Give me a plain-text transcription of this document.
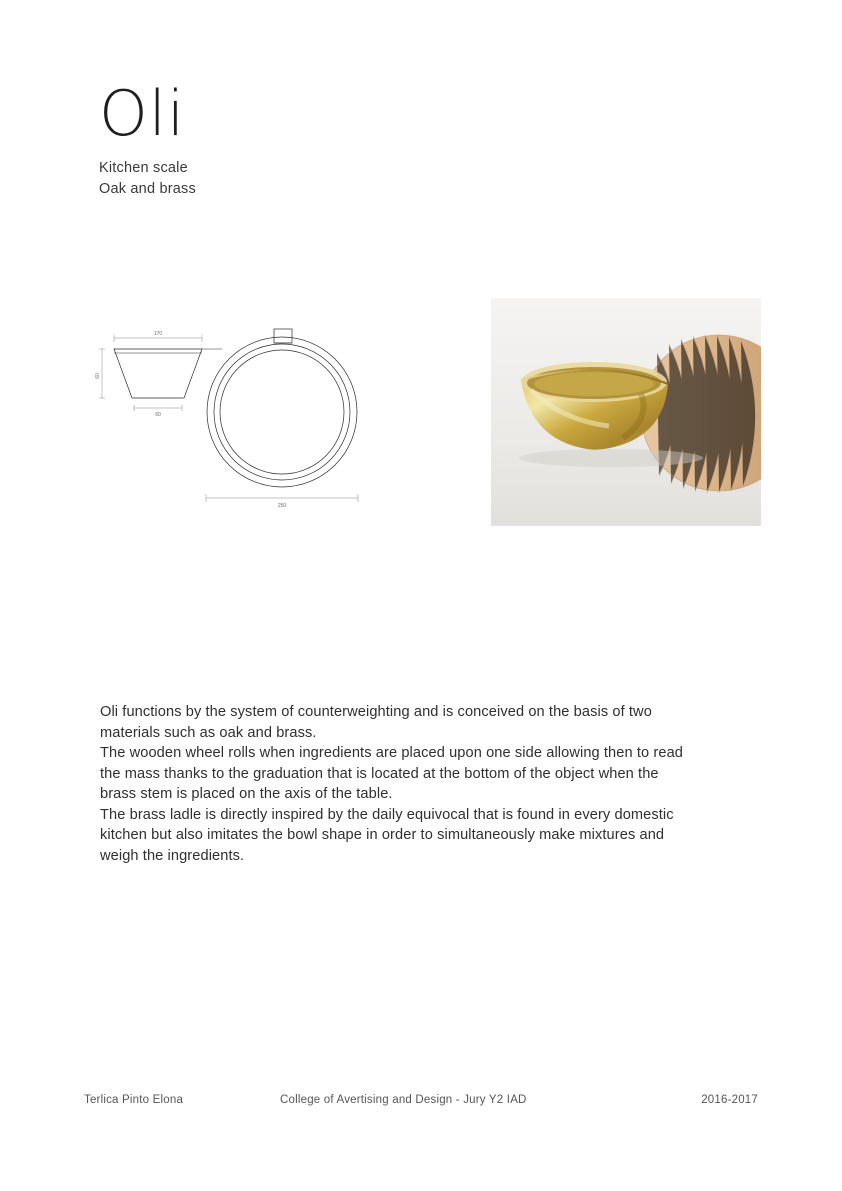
Oli
Kitchen scale
Oak and brass
170
60
60
250

Oli functions by the system of counterweighting and is conceived on the basis of two
materials such as oak and brass.

The wooden wheel rolls when ingredients are placed upon one side allowing then to read
the mass thanks to the graduation that is located at the bottom of the object when the
brass stem is placed on the axis of the table.

The brass ladle is directly inspired by the daily equivocal that is found in every domestic
kitchen but also imitates the bowl shape in order to simultaneously make mixtures and
weigh the ingredients.

Terlica Pinto Elona	College of Avertising and Design - Jury Y2 IAD	2016-2017
